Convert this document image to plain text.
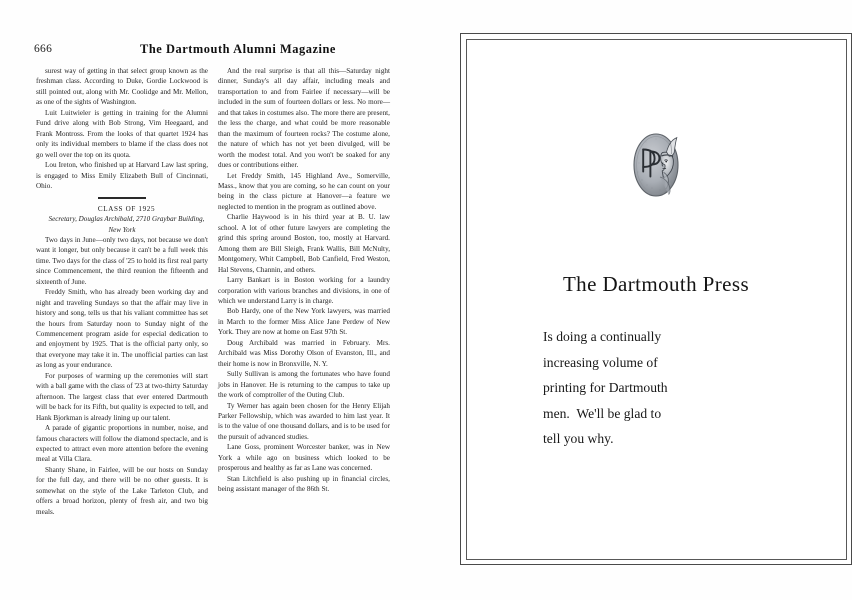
666	The Dartmouth Alumni Magazine

surest way of getting in that select group known as the freshman class. According to Duke, Gordie Lockwood is still pointed out, along with Mr. Coolidge and Mr. Mellon, as one of the sights of Washington.

Luit Luitwieler is getting in training for the Alumni Fund drive along with Bob Strong, Vim Heegaard, and Frank Montross. From the looks of that quartet 1924 has only its individual members to blame if the class does not go well over the top on its quota.

Lou Ireton, who finished up at Harvard Law last spring, is engaged to Miss Emily Elizabeth Bull of Cincinnati, Ohio.

CLASS OF 1925

Secretary, Douglas Archibald, 2710 Graybar Building, New York

Two days in June—only two days, not because we don't want it longer, but only because it can't be a full week this time. Two days for the class of '25 to hold its first real party since Commencement, the third reunion the fifteenth and sixteenth of June.

Freddy Smith, who has already been working day and night and traveling Sundays so that the affair may live in history and song, tells us that his valiant committee has set the hours from Saturday noon to Sunday night of the Commencement program aside for especial dedication to and enjoyment by 1925. That is the official party only, so that everyone may take it in. The unofficial parties can last as long as your endurance.

For purposes of warming up the ceremonies will start with a ball game with the class of '23 at two-thirty Saturday afternoon. The largest class that ever entered Dartmouth will be back for its Fifth, but quality is expected to tell, and Hank Bjorkman is already lining up our talent.

A parade of gigantic proportions in number, noise, and famous characters will follow the diamond spectacle, and is expected to attract even more attention before the evening meal at Villa Clara.

Shanty Shane, in Fairlee, will be our hosts on Sunday for the full day, and there will be no other guests. It is somewhat on the style of the Lake Tarleton Club, and offers a broad horizon, plenty of fresh air, and two big meals.

And the real surprise is that all this—Saturday night dinner, Sunday's all day affair, including meals and transportation to and from Fairlee if necessary—will be included in the sum of fourteen dollars or less. No more—and that takes in costumes also. The more there are present, the less the charge, and what could be more reasonable than the maximum of fourteen rocks? The costume alone, the nature of which has not yet been divulged, will be worth the modest total. And you won't be soaked for any dues or contributions either.

Let Freddy Smith, 145 Highland Ave., Somerville, Mass., know that you are coming, so he can count on your being in the class picture at Hanover—a feature we neglected to mention in the program as outlined above.

Charlie Haywood is in his third year at B. U. law school. A lot of other future lawyers are completing the grind this spring around Boston, too, mostly at Harvard. Among them are Bill Sleigh, Frank Wallis, Bill McNulty, Montgomery, Whit Campbell, Bob Canfield, Fred Weston, Hal Stevens, Channin, and others.

Larry Bankart is in Boston working for a laundry corporation with various branches and divisions, in one of which we understand Larry is in charge.

Bob Hardy, one of the New York lawyers, was married in March to the former Miss Alice Jane Perdew of New York. They are now at home on East 97th St.

Doug Archibald was married in February. Mrs. Archibald was Miss Dorothy Olson of Evanston, Ill., and their home is now in Bronxville, N. Y.

Sully Sullivan is among the fortunates who have found jobs in Hanover. He is returning to the campus to take up the work of comptroller of the Outing Club.

Ty Werner has again been chosen for the Henry Elijah Parker Fellowship, which was awarded to him last year. It is to the value of one thousand dollars, and is to be used for the pursuit of advanced studies.

Lane Goss, prominent Worcester banker, was in New York a while ago on business which looked to be prosperous and healthy as far as Lane was concerned.

Stan Litchfield is also pushing up in financial circles, being assistant manager of the 86th St.

The Dartmouth Press
Is doing a continually
increasing volume of
printing for Dartmouth
men.  We'll be glad to
tell you why.
